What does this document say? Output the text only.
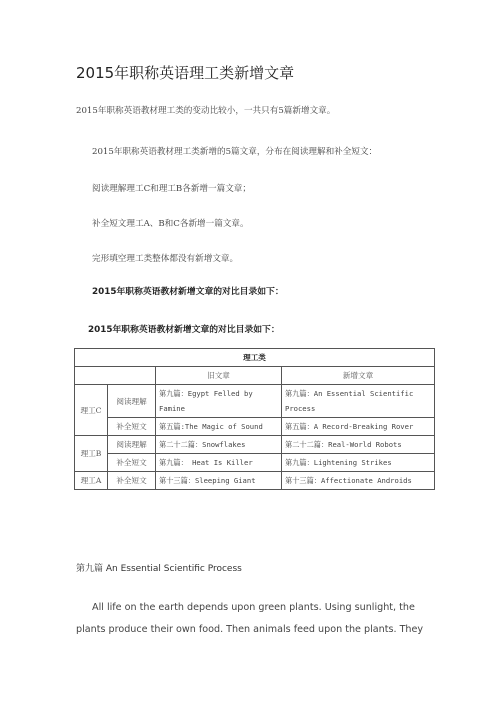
2015年职称英语理工类新增文章

2015年职称英语教材理工类的变动比较小，一共只有5篇新增文章。

2015年职称英语教材理工类新增的5篇文章，分布在阅读理解和补全短文：

阅读理解理工C和理工B各新增一篇文章；

补全短文理工A、B和C各新增一篇文章。

完形填空理工类整体都没有新增文章。

2015年职称英语教材新增文章的对比目录如下：

2015年职称英语教材新增文章的对比目录如下：

理工类			
		旧文章	新增文章
理工C	阅读理解	第九篇：Egypt Felled by Famine	第九篇：An Essential Scientific Process
	补全短文	第五篇:The Magic of Sound	第五篇：A Record-Breaking Rover
理工B	阅读理解	第二十二篇：Snowflakes	第二十二篇：Real-World Robots
	补全短文	第九篇： Heat Is Killer	第九篇：Lightening Strikes
理工A	补全短文	第十三篇：Sleeping Giant	第十三篇：Affectionate Androids

第九篇 An Essential Scientific Process

All life on the earth depends upon green plants. Using sunlight, the plants produce their own food. Then animals feed upon the plants. They
